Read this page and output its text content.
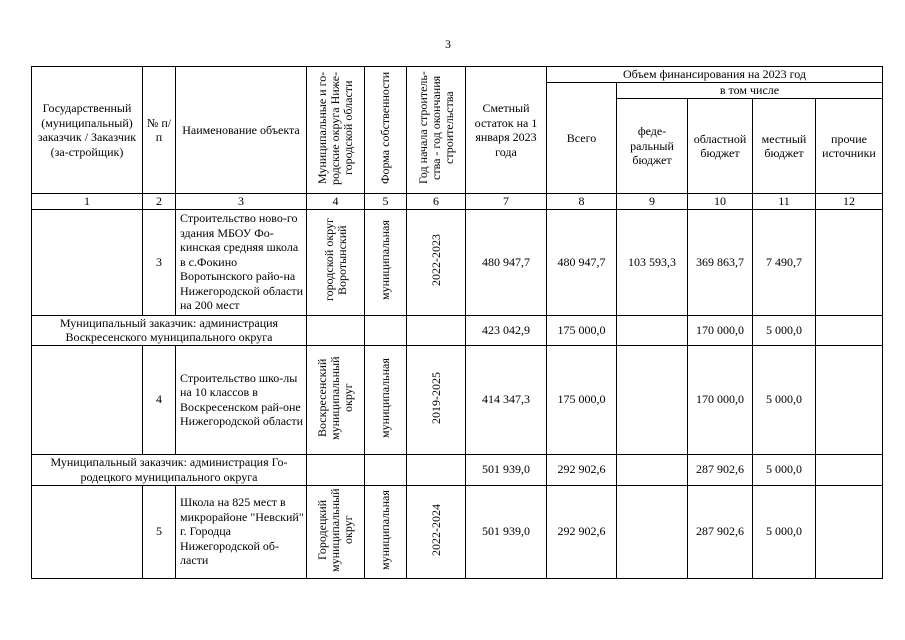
3
Государственный (муниципальный) заказчик / Заказчик (за-стройщик)	№ п/п	Наименование объекта	Муниципальные и го-родские округа Ниже-городской области	Форма собственности	Год начала строитель-ства - год окончания строительства	Сметный остаток на 1 января 2023 года	Объем финансирования на 2023 год				
							Всего	в том числе			
								феде-ральный бюджет	областной бюджет	местный бюджет	прочие источники
1	2	3	4	5	6	7	8	9	10	11	12
	3	Строительство ново-го здания МБОУ Фо-кинская средняя школа в с.Фокино Воротынского райо-на Нижегородской области на 200 мест	городской округ Воротынский	муниципальная	2022-2023	480 947,7	480 947,7	103 593,3	369 863,7	7 490,7	
Муниципальный заказчик: администрация Воскресенского муниципального округа						423 042,9	175 000,0		170 000,0	5 000,0	
	4	Строительство шко-лы на 10 классов в Воскресенском рай-оне Нижегородской области	Воскресенский муниципальный округ	муниципальная	2019-2025	414 347,3	175 000,0		170 000,0	5 000,0	
Муниципальный заказчик: администрация Го-родецкого муниципального округа						501 939,0	292 902,6		287 902,6	5 000,0	
	5	Школа на 825 мест в микрорайоне "Невский" г. Городца Нижегородской об-ласти	Городецкий муниципальный округ	муниципальная	2022-2024	501 939,0	292 902,6		287 902,6	5 000,0	
